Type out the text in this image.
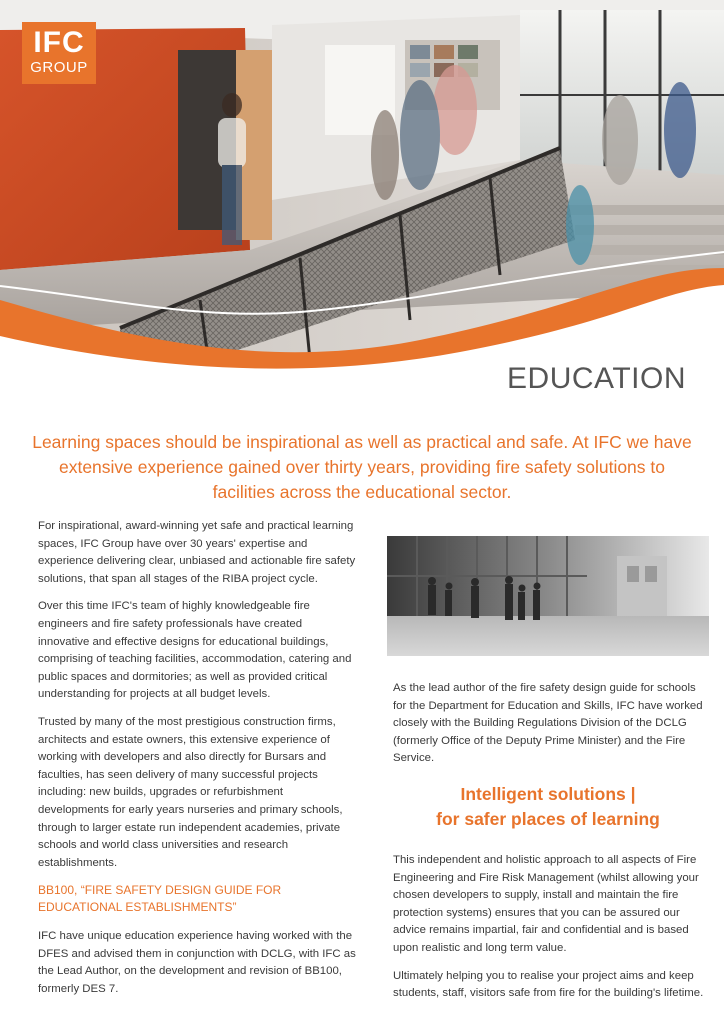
IFC
GROUP
EDUCATION

Learning spaces should be inspirational as well as practical and safe. At IFC we have extensive experience gained over thirty years, providing fire safety solutions to facilities across the educational sector.

For inspirational, award-winning yet safe and practical learning spaces, IFC Group have over 30 years' expertise and experience delivering clear, unbiased and actionable fire safety solutions, that span all stages of the RIBA project cycle.

Over this time IFC's team of highly knowledgeable fire engineers and fire safety professionals have created innovative and effective designs for educational buildings, comprising of teaching facilities, accommodation, catering and public spaces and dormitories; as well as provided critical understanding for projects at all budget levels.

Trusted by many of the most prestigious construction firms, architects and estate owners, this extensive experience of working with developers and also directly for Bursars and faculties, has seen delivery of many successful projects including: new builds, upgrades or refurbishment developments for early years nurseries and primary schools, through to larger estate run independent academies, private schools and world class universities and research establishments.

BB100, “FIRE SAFETY DESIGN GUIDE FOR EDUCATIONAL ESTABLISHMENTS”

IFC have unique education experience having worked with the DFES and advised them in conjunction with DCLG, with IFC as the Lead Author, on the development and revision of BB100, formerly DES 7.

As the lead author of the fire safety design guide for schools for the Department for Education and Skills, IFC have worked closely with the Building Regulations Division of the DCLG (formerly Office of the Deputy Prime Minister) and the Fire Service.

Intelligent solutions |
for safer places of learning

This independent and holistic approach to all aspects of Fire Engineering and Fire Risk Management (whilst allowing your chosen developers to supply, install and maintain the fire protection systems) ensures that you can be assured our advice remains impartial, fair and confidential and is based upon realistic and long term value.

Ultimately helping you to realise your project aims and keep students, staff, visitors safe from fire for the building's lifetime.
